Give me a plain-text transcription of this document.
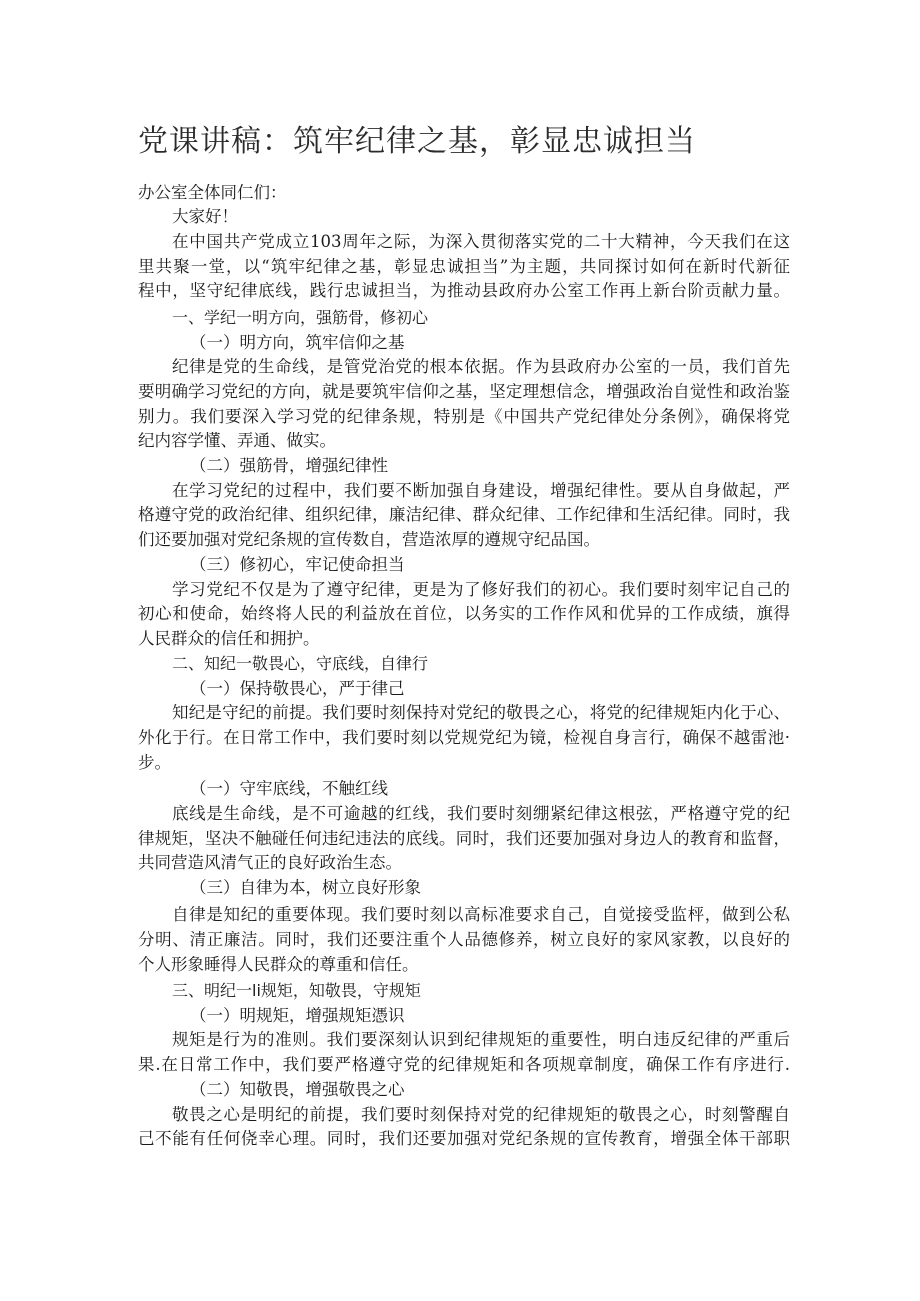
党课讲稿：筑牢纪律之基，彰显忠诚担当
办公室全体同仁们：
大家好！
在中国共产党成立103周年之际，为深入贯彻落实党的二十大精神，今天我们在这
里共聚一堂，以“筑牢纪律之基，彰显忠诚担当”为主题，共同探讨如何在新时代新征
程中，坚守纪律底线，践行忠诚担当，为推动县政府办公室工作再上新台阶贡献力量。
一、学纪一明方向，强筋骨，修初心
（一）明方向，筑牢信仰之基
纪律是党的生命线，是管党治党的根本依据。作为县政府办公室的一员，我们首先
要明确学习党纪的方向，就是要筑牢信仰之基，坚定理想信念，增强政治自觉性和政治鉴
别力。我们要深入学习党的纪律条规，特别是《中国共产党纪律处分条例》，确保将党
纪内容学懂、弄通、做实。
（二）强筋骨，增强纪律性
在学习党纪的过程中，我们要不断加强自身建设，增强纪律性。要从自身做起，严
格遵守党的政治纪律、组织纪律，廉洁纪律、群众纪律、工作纪律和生活纪律。同时，我
们还要加强对党纪条规的宣传数自，营造浓厚的遵规守纪品国。
（三）修初心，牢记使命担当
学习党纪不仅是为了遵守纪律，更是为了修好我们的初心。我们要时刻牢记自己的
初心和使命，始终将人民的利益放在首位，以务实的工作作风和优异的工作成绩，旗得
人民群众的信任和拥护。
二、知纪一敬畏心，守底线，自律行
（一）保持敬畏心，严于律己
知纪是守纪的前提。我们要时刻保持对党纪的敬畏之心，将党的纪律规矩内化于心、
外化于行。在日常工作中，我们要时刻以党规党纪为镜，检视自身言行，确保不越雷池·
步。
（一）守牢底线，不触红线
底线是生命线，是不可逾越的红线，我们要时刻绷紧纪律这根弦，严格遵守党的纪
律规矩，坚决不触碰任何违纪违法的底线。同时，我们还要加强对身边人的教育和监督，
共同营造风清气正的良好政治生态。
（三）自律为本，树立良好形象
自律是知纪的重要体现。我们要时刻以高标准要求自己，自觉接受监枰，做到公私
分明、清正廉洁。同时，我们还要注重个人品德修养，树立良好的家风家教，以良好的
个人形象睡得人民群众的尊重和信任。
三、明纪一li规矩，知敬畏，守规矩
（一）明规矩，增强规矩憑识
规矩是行为的准则。我们要深刻认识到纪律规矩的重要性，明白违反纪律的严重后
果.在日常工作中，我们要严格遵守党的纪律规矩和各项规章制度，确保工作有序进行.
（二）知敬畏，增强敬畏之心
敬畏之心是明纪的前提，我们要时刻保持对党的纪律规矩的敬畏之心，时刻警醒自
己不能有任何侥幸心理。同时，我们还要加强对党纪条规的宣传教育，增强全体干部职
